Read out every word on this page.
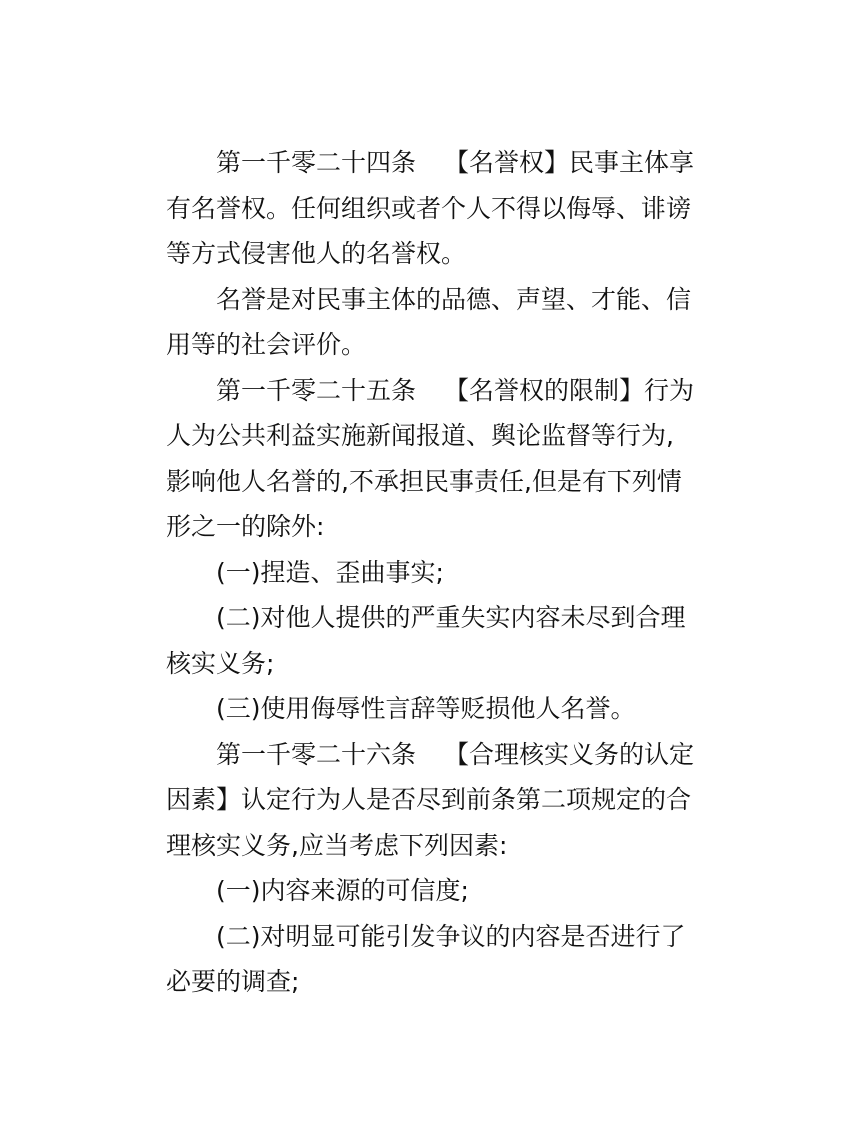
第一千零二十四条 【名誉权】民事主体享有名誉权。任何组织或者个人不得以侮辱、诽谤等方式侵害他人的名誉权。

名誉是对民事主体的品德、声望、才能、信用等的社会评价。

第一千零二十五条 【名誉权的限制】行为人为公共利益实施新闻报道、舆论监督等行为,影响他人名誉的,不承担民事责任,但是有下列情形之一的除外:

(一)捏造、歪曲事实;

(二)对他人提供的严重失实内容未尽到合理核实义务;

(三)使用侮辱性言辞等贬损他人名誉。

第一千零二十六条 【合理核实义务的认定因素】认定行为人是否尽到前条第二项规定的合理核实义务,应当考虑下列因素:

(一)内容来源的可信度;

(二)对明显可能引发争议的内容是否进行了必要的调查;
